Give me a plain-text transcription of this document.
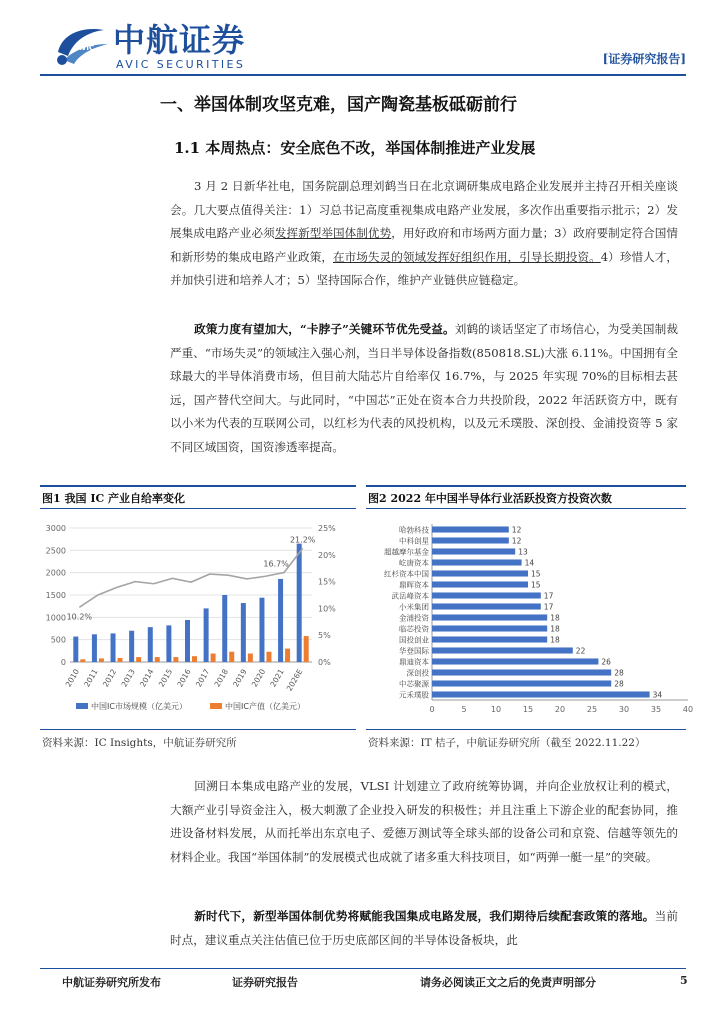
AVIC 中航证券
AVIC SECURITIES	[证券研究报告]
一、举国体制攻坚克难，国产陶瓷基板砥砺前行
1.1 本周热点：安全底色不改，举国体制推进产业发展
3 月 2 日新华社电，国务院副总理刘鹤当日在北京调研集成电路企业发展并主持召开相关座谈会。几大要点值得关注：1）习总书记高度重视集成电路产业发展，多次作出重要指示批示；2）发展集成电路产业必须发挥新型举国体制优势，用好政府和市场两方面力量；3）政府要制定符合国情和新形势的集成电路产业政策，在市场失灵的领域发挥好组织作用，引导长期投资。4）珍惜人才，并加快引进和培养人才；5）坚持国际合作，维护产业链供应链稳定。
政策力度有望加大，“卡脖子”关键环节优先受益。刘鹤的谈话坚定了市场信心，为受美国制裁严重、“市场失灵”的领域注入强心剂，当日半导体设备指数(850818.SL)大涨 6.11%。中国拥有全球最大的半导体消费市场，但目前大陆芯片自给率仅 16.7%，与 2025 年实现 70%的目标相去甚远，国产替代空间大。与此同时，“中国芯”正处在资本合力共投阶段，2022 年活跃资方中，既有以小米为代表的互联网公司，以红杉为代表的风投机构，以及元禾璞股、深创投、金浦投资等 5 家不同区域国资，国资渗透率提高。
图1 我国 IC 产业自给率变化
0
500
1000
1500
2000
2500
3000
0%
5%
10%
15%
20%
25%
2010 2011 2012 2013 2014 2015 2016 2017 2018 2019 2020 2021
2026E
10.2%
16.7%
21.2%
中国IC市场规模（亿美元）	中国IC产值（亿美元）
资料来源：IC Insights，中航证券研究所
图2 2022 年中国半导体行业活跃投资方投资次数
0	5	10	15	20	25	30	35	40
哈勃科技	12
中科创星	12
超越摩尔基金	13
屹唐资本	14
红杉资本中国	15
鼎晖资本	15
武岳峰资本	17
小米集团	17
金浦投资	18
临芯投资	18
国投创业	18
华登国际	22
鼎迪资本	26
深创投	28
中芯聚源	28
元禾璞股	34
资料来源：IT 桔子，中航证券研究所（截至 2022.11.22）
回溯日本集成电路产业的发展，VLSI 计划建立了政府统筹协调，并向企业放权让利的模式，大额产业引导资金注入，极大刺激了企业投入研发的积极性；并且注重上下游企业的配套协同，推进设备材料发展，从而托举出东京电子、爱德万测试等全球头部的设备公司和京瓷、信越等领先的材料企业。我国“举国体制”的发展模式也成就了诸多重大科技项目，如“两弹一艇一星”的突破。
新时代下，新型举国体制优势将赋能我国集成电路发展，我们期待后续配套政策的落地。当前时点，建议重点关注估值已位于历史底部区间的半导体设备板块，此
中航证券研究所发布	证券研究报告	请务必阅读正文之后的免责声明部分	5
